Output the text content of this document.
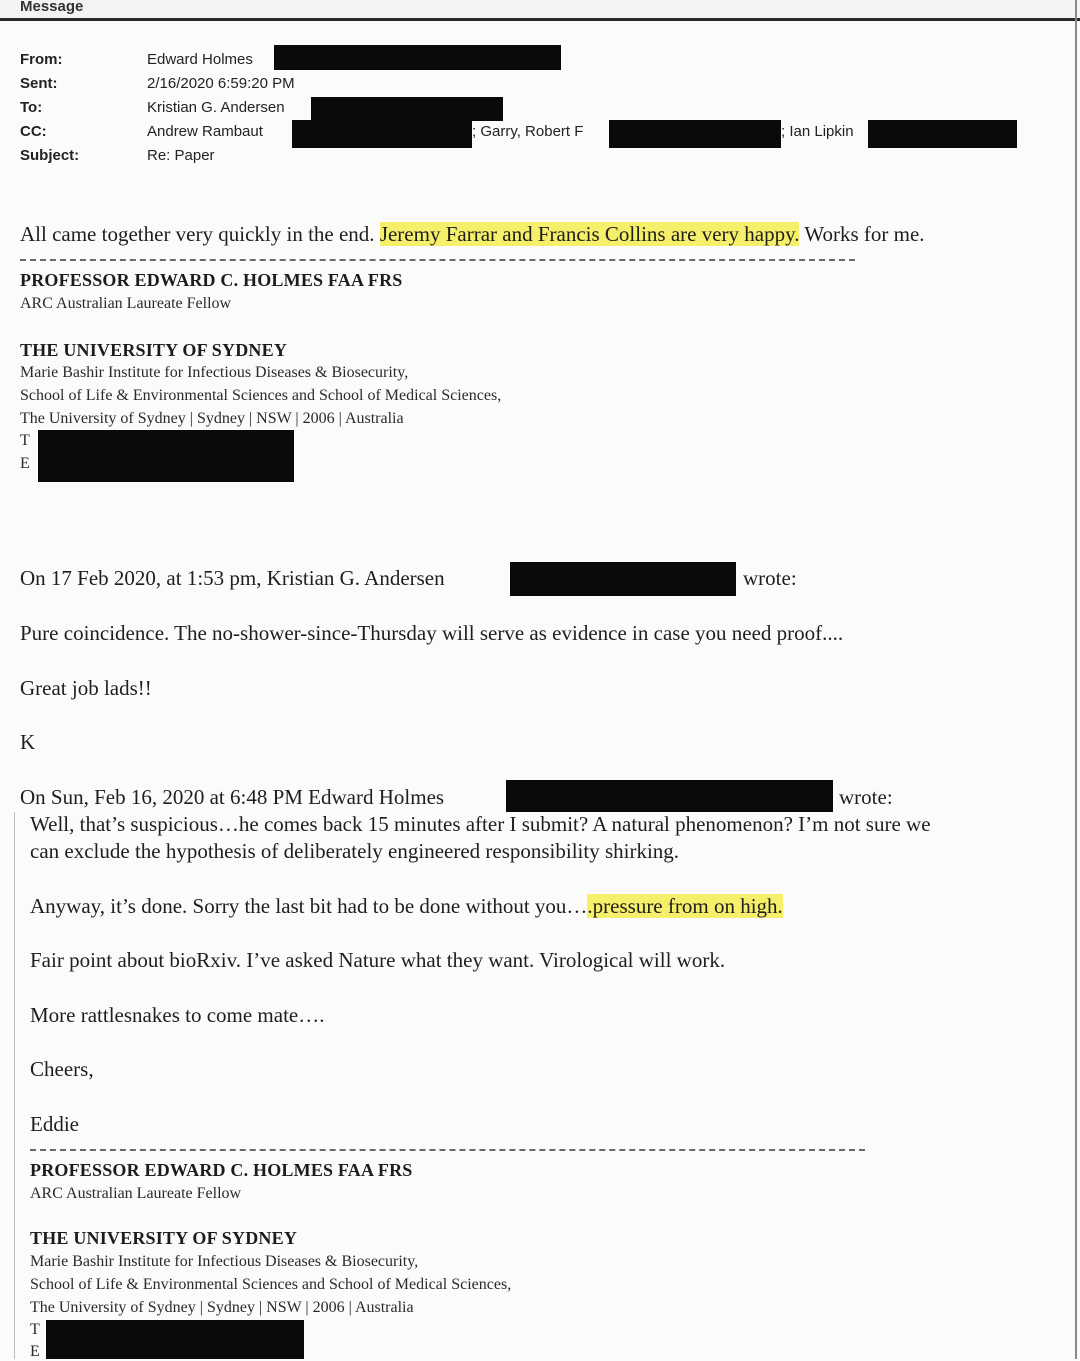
Message
From:	Edward Holmes
Sent:	2/16/2020 6:59:20 PM
To:	Kristian G. Andersen
CC:	Andrew Rambaut	; Garry, Robert F	; Ian Lipkin
Subject:	Re: Paper
All came together very quickly in the end. Jeremy Farrar and Francis Collins are very happy. Works for me.
PROFESSOR EDWARD C. HOLMES FAA FRS
ARC Australian Laureate Fellow
THE UNIVERSITY OF SYDNEY
Marie Bashir Institute for Infectious Diseases & Biosecurity,
School of Life & Environmental Sciences and School of Medical Sciences,
The University of Sydney | Sydney | NSW | 2006 | Australia
T
E
On 17 Feb 2020, at 1:53 pm, Kristian G. Andersen	wrote:
Pure coincidence. The no-shower-since-Thursday will serve as evidence in case you need proof....
Great job lads!!
K
On Sun, Feb 16, 2020 at 6:48 PM Edward Holmes	wrote:
Well, that’s suspicious…he comes back 15 minutes after I submit? A natural phenomenon? I’m not sure we
can exclude the hypothesis of deliberately engineered responsibility shirking.
Anyway, it’s done. Sorry the last bit had to be done without you….pressure from on high.
Fair point about bioRxiv. I’ve asked Nature what they want. Virological will work.
More rattlesnakes to come mate….
Cheers,
Eddie
PROFESSOR EDWARD C. HOLMES FAA FRS
ARC Australian Laureate Fellow
THE UNIVERSITY OF SYDNEY
Marie Bashir Institute for Infectious Diseases & Biosecurity,
School of Life & Environmental Sciences and School of Medical Sciences,
The University of Sydney | Sydney | NSW | 2006 | Australia
T
E
